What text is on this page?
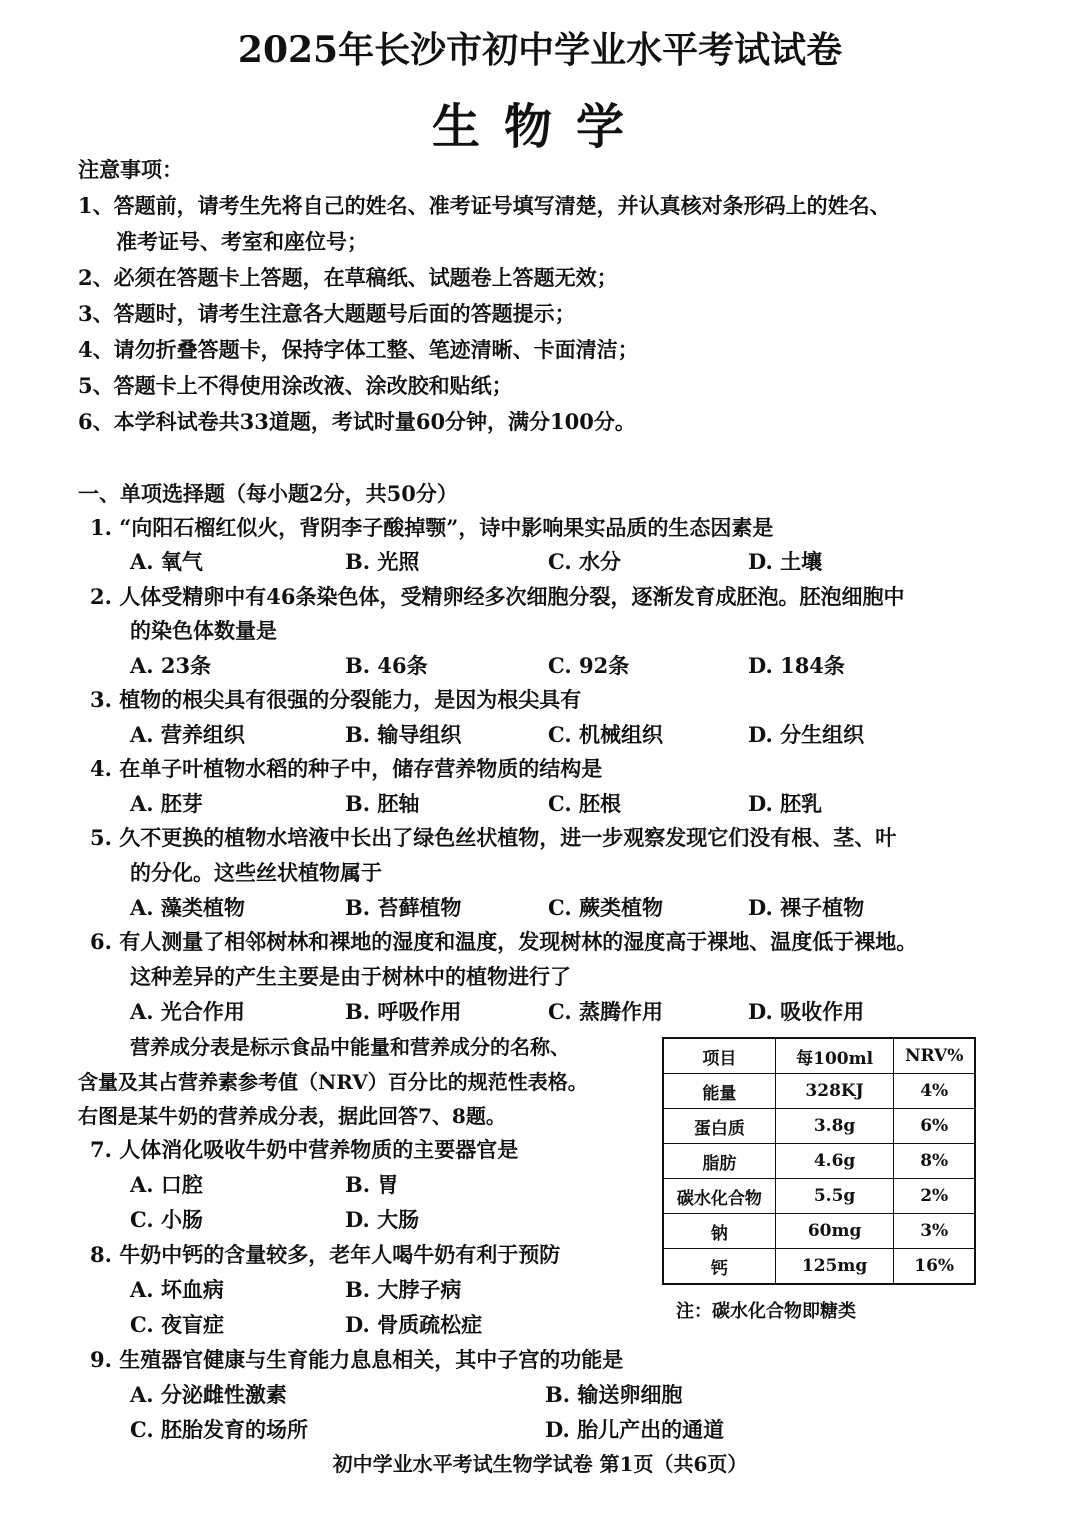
2025年长沙市初中学业水平考试试卷
生物学
注意事项：
1、答题前，请考生先将自己的姓名、准考证号填写清楚，并认真核对条形码上的姓名、
准考证号、考室和座位号；
2、必须在答题卡上答题，在草稿纸、试题卷上答题无效；
3、答题时，请考生注意各大题题号后面的答题提示；
4、请勿折叠答题卡，保持字体工整、笔迹清晰、卡面清洁；
5、答题卡上不得使用涂改液、涂改胶和贴纸；
6、本学科试卷共33道题，考试时量60分钟，满分100分。
一、单项选择题（每小题2分，共50分）
1. “向阳石榴红似火，背阴李子酸掉颚”，诗中影响果实品质的生态因素是
A. 氧气	B. 光照	C. 水分	D. 土壤
2. 人体受精卵中有46条染色体，受精卵经多次细胞分裂，逐渐发育成胚泡。胚泡细胞中
的染色体数量是
A. 23条	B. 46条	C. 92条	D. 184条
3. 植物的根尖具有很强的分裂能力，是因为根尖具有
A. 营养组织	B. 输导组织	C. 机械组织	D. 分生组织
4. 在单子叶植物水稻的种子中，储存营养物质的结构是
A. 胚芽	B. 胚轴	C. 胚根	D. 胚乳
5. 久不更换的植物水培液中长出了绿色丝状植物，进一步观察发现它们没有根、茎、叶
的分化。这些丝状植物属于
A. 藻类植物	B. 苔藓植物	C. 蕨类植物	D. 裸子植物
6. 有人测量了相邻树林和裸地的湿度和温度，发现树林的湿度高于裸地、温度低于裸地。
这种差异的产生主要是由于树林中的植物进行了
A. 光合作用	B. 呼吸作用	C. 蒸腾作用	D. 吸收作用
营养成分表是标示食品中能量和营养成分的名称、
含量及其占营养素参考值（NRV）百分比的规范性表格。
右图是某牛奶的营养成分表，据此回答7、8题。
项目	每100ml	NRV%
能量	328KJ	4%
蛋白质	3.8g	6%
脂肪	4.6g	8%
碳水化合物	5.5g	2%
钠	60mg	3%
钙	125mg	16%
注：碳水化合物即糖类
7. 人体消化吸收牛奶中营养物质的主要器官是
A. 口腔	B. 胃
C. 小肠	D. 大肠
8. 牛奶中钙的含量较多，老年人喝牛奶有利于预防
A. 坏血病	B. 大脖子病
C. 夜盲症	D. 骨质疏松症
9. 生殖器官健康与生育能力息息相关，其中子宫的功能是
A. 分泌雌性激素	B. 输送卵细胞
C. 胚胎发育的场所	D. 胎儿产出的通道
初中学业水平考试生物学试卷 第1页（共6页）
